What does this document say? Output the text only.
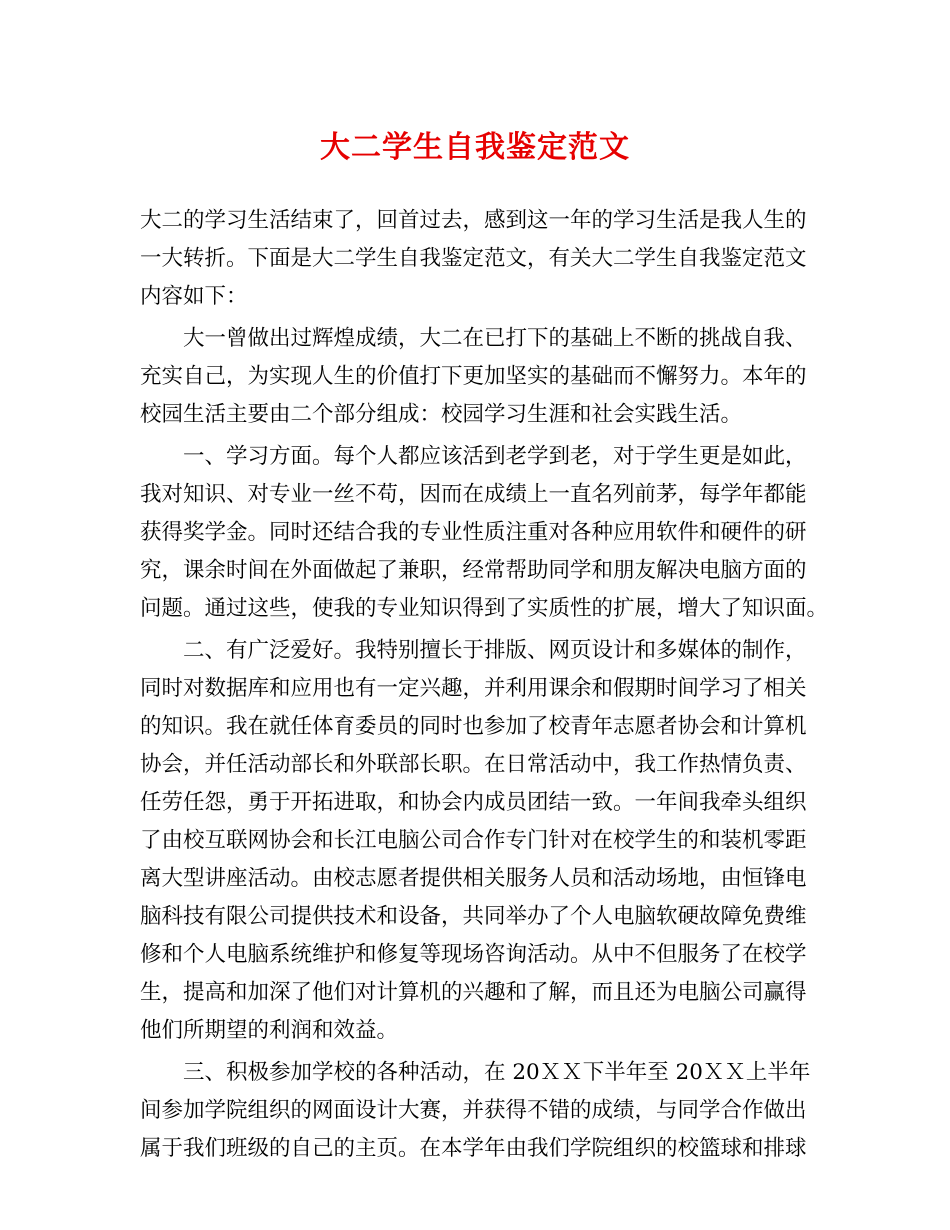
大二学生自我鉴定范文
大二的学习生活结束了，回首过去，感到这一年的学习生活是我人生的
一大转折。下面是大二学生自我鉴定范文，有关大二学生自我鉴定范文
内容如下：
　　大一曾做出过辉煌成绩，大二在已打下的基础上不断的挑战自我、
充实自己，为实现人生的价值打下更加坚实的基础而不懈努力。本年的
校园生活主要由二个部分组成：校园学习生涯和社会实践生活。
　　一、学习方面。每个人都应该活到老学到老，对于学生更是如此，
我对知识、对专业一丝不苟，因而在成绩上一直名列前茅，每学年都能
获得奖学金。同时还结合我的专业性质注重对各种应用软件和硬件的研
究，课余时间在外面做起了兼职，经常帮助同学和朋友解决电脑方面的
问题。通过这些，使我的专业知识得到了实质性的扩展，增大了知识面。
　　二、有广泛爱好。我特别擅长于排版、网页设计和多媒体的制作，
同时对数据库和应用也有一定兴趣，并利用课余和假期时间学习了相关
的知识。我在就任体育委员的同时也参加了校青年志愿者协会和计算机
协会，并任活动部长和外联部长职。在日常活动中，我工作热情负责、
任劳任怨，勇于开拓进取，和协会内成员团结一致。一年间我牵头组织
了由校互联网协会和长江电脑公司合作专门针对在校学生的和装机零距
离大型讲座活动。由校志愿者提供相关服务人员和活动场地，由恒锋电
脑科技有限公司提供技术和设备，共同举办了个人电脑软硬故障免费维
修和个人电脑系统维护和修复等现场咨询活动。从中不但服务了在校学
生，提高和加深了他们对计算机的兴趣和了解，而且还为电脑公司赢得
他们所期望的利润和效益。
　　三、积极参加学校的各种活动，在 20ＸＸ下半年至 20ＸＸ上半年
间参加学院组织的网面设计大赛，并获得不错的成绩，与同学合作做出
属于我们班级的自己的主页。在本学年由我们学院组织的校篮球和排球
